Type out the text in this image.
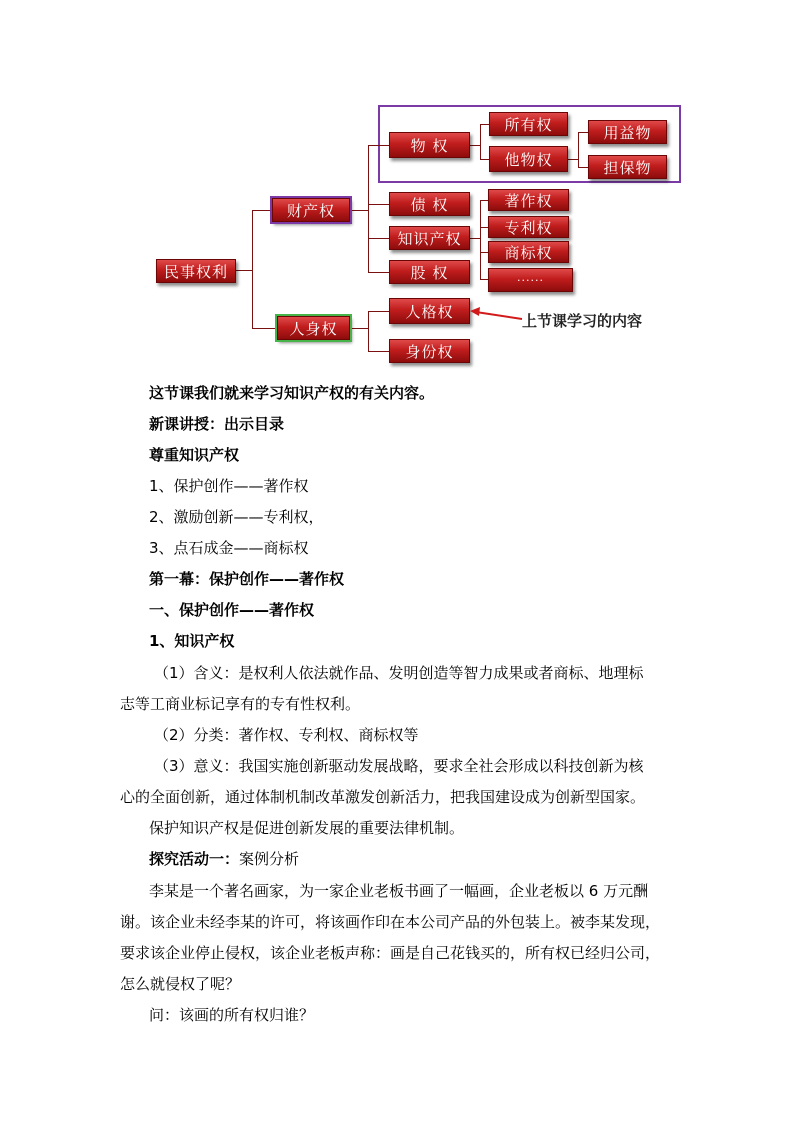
民事权利
财产权
人身权
物 权
债 权
知识产权
股 权
所有权
他物权
用益物
担保物
著作权
专利权
商标权
······
人格权
身份权
上节课学习的内容
这节课我们就来学习知识产权的有关内容。
新课讲授：出示目录
尊重知识产权
1、保护创作——著作权
2、激励创新——专利权，
3、点石成金——商标权
第一幕：保护创作——著作权
一、保护创作——著作权
1、知识产权
（1）含义：是权利人依法就作品、发明创造等智力成果或者商标、地理标
志等工商业标记享有的专有性权利。
（2）分类：著作权、专利权、商标权等
（3）意义：我国实施创新驱动发展战略，要求全社会形成以科技创新为核
心的全面创新，通过体制机制改革激发创新活力，把我国建设成为创新型国家。
保护知识产权是促进创新发展的重要法律机制。
探究活动一：案例分析
李某是一个著名画家，为一家企业老板书画了一幅画，企业老板以 6 万元酬
谢。该企业未经李某的许可，将该画作印在本公司产品的外包装上。被李某发现，
要求该企业停止侵权，该企业老板声称：画是自己花钱买的，所有权已经归公司，
怎么就侵权了呢？
问：该画的所有权归谁？
